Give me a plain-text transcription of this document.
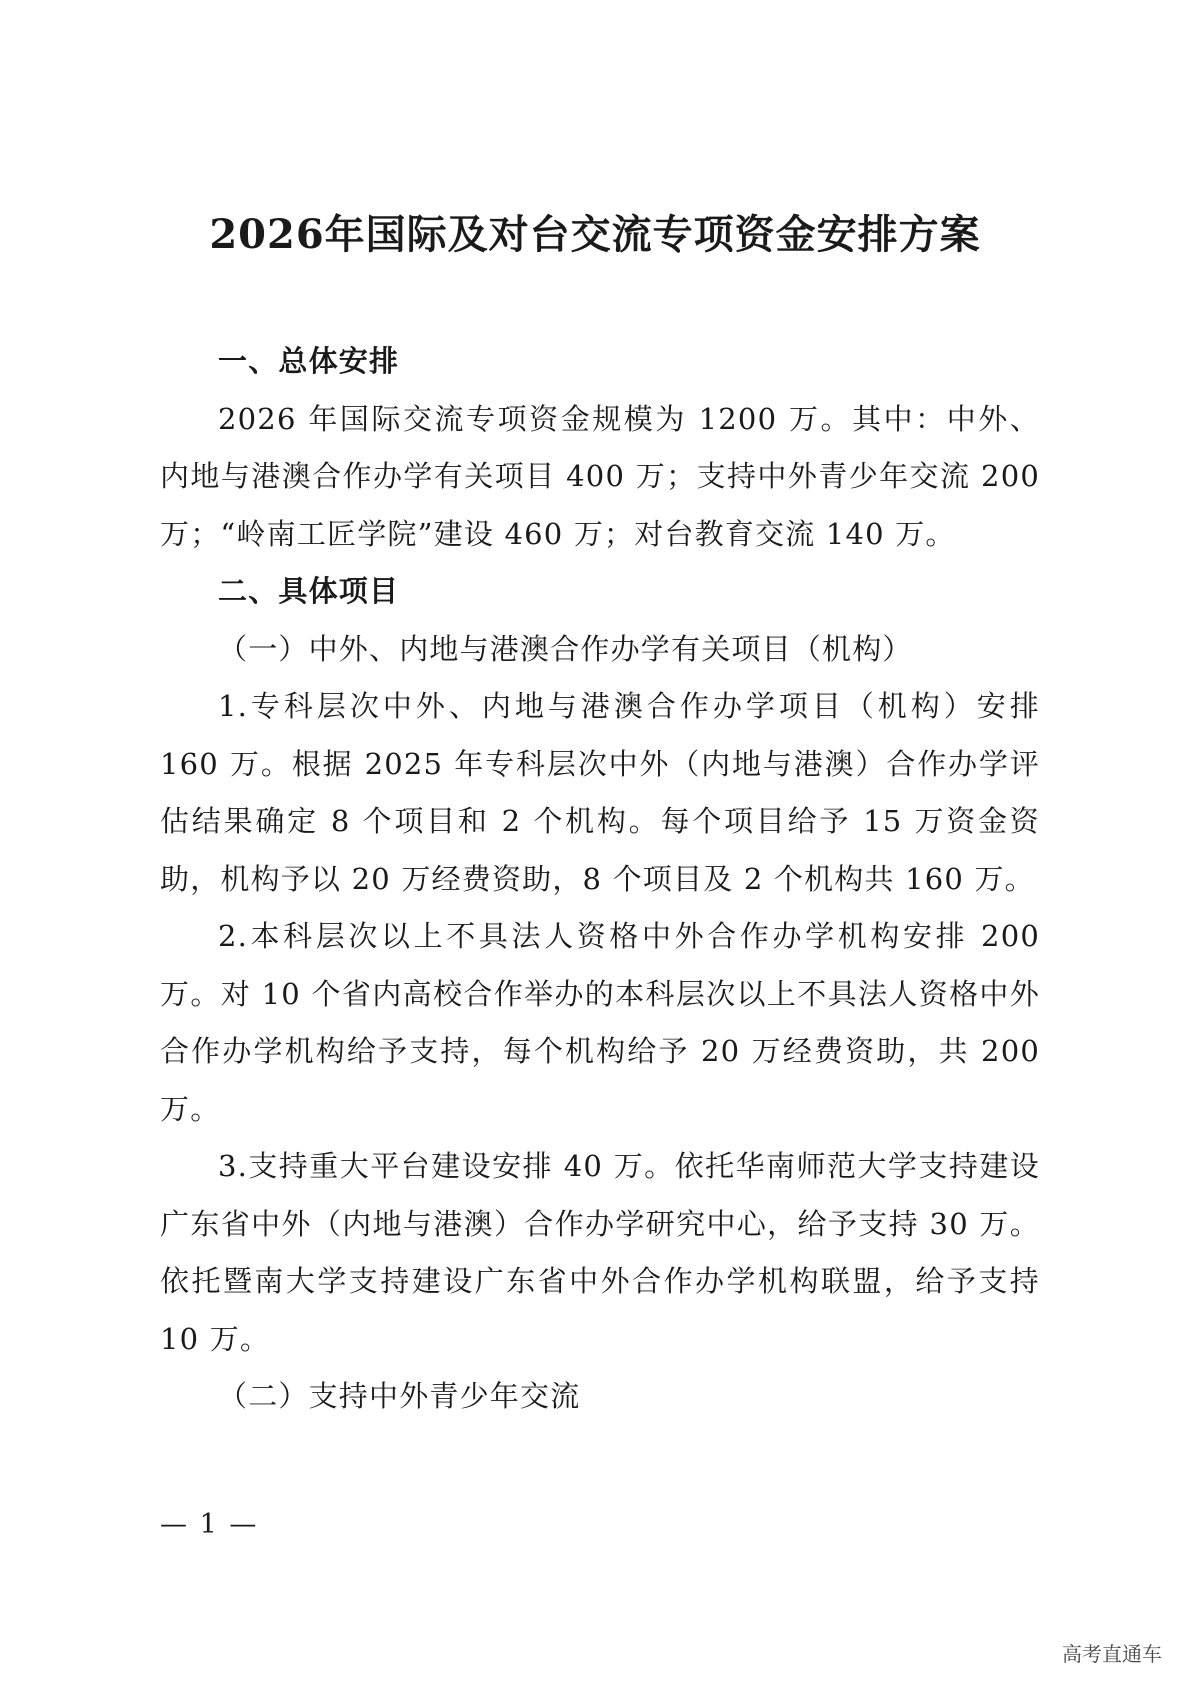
2026年国际及对台交流专项资金安排方案

一、总体安排

2026 年国际交流专项资金规模为 1200 万。其中：中外、内地与港澳合作办学有关项目 400 万；支持中外青少年交流 200 万；“岭南工匠学院”建设 460 万；对台教育交流 140 万。

二、具体项目

（一）中外、内地与港澳合作办学有关项目（机构）

1.专科层次中外、内地与港澳合作办学项目（机构）安排 160 万。根据 2025 年专科层次中外（内地与港澳）合作办学评估结果确定 8 个项目和 2 个机构。每个项目给予 15 万资金资助，机构予以 20 万经费资助，8 个项目及 2 个机构共 160 万。

2.本科层次以上不具法人资格中外合作办学机构安排 200 万。对 10 个省内高校合作举办的本科层次以上不具法人资格中外合作办学机构给予支持，每个机构给予 20 万经费资助，共 200 万。

3.支持重大平台建设安排 40 万。依托华南师范大学支持建设广东省中外（内地与港澳）合作办学研究中心，给予支持 30 万。依托暨南大学支持建设广东省中外合作办学机构联盟，给予支持 10 万。

（二）支持中外青少年交流

— 1 —
高考直通车
